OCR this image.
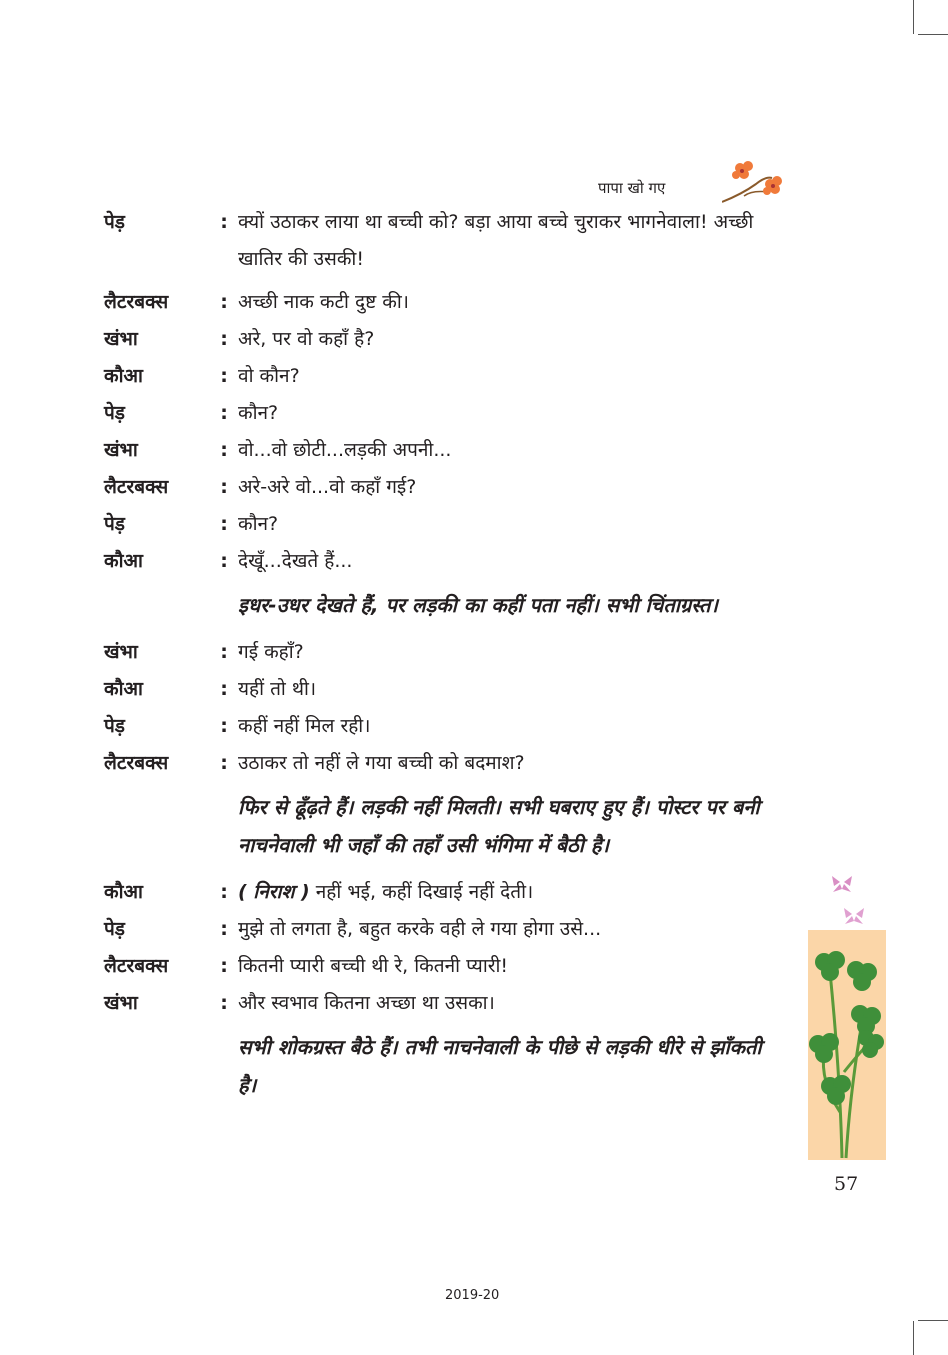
पापा खो गए
पेड़	: क्यों उठाकर लाया था बच्ची को? बड़ा आया बच्चे चुराकर भागनेवाला! अच्छी खातिर की उसकी!
लैटरबक्स	: अच्छी नाक कटी दुष्ट की।
खंभा	: अरे, पर वो कहाँ है?
कौआ	: वो कौन?
पेड़	: कौन?
खंभा	: वो...वो छोटी...लड़की अपनी...
लैटरबक्स	: अरे-अरे वो...वो कहाँ गई?
पेड़	: कौन?
कौआ	: देखूँ...देखते हैं...
इधर-उधर देखते हैं, पर लड़की का कहीं पता नहीं। सभी चिंताग्रस्त।
खंभा	: गई कहाँ?
कौआ	: यहीं तो थी।
पेड़	: कहीं नहीं मिल रही।
लैटरबक्स	: उठाकर तो नहीं ले गया बच्ची को बदमाश?
फिर से ढूँढ़ते हैं। लड़की नहीं मिलती। सभी घबराए हुए हैं। पोस्टर पर बनी नाचनेवाली भी जहाँ की तहाँ उसी भंगिमा में बैठी है।
कौआ	: ( निराश ) नहीं भई, कहीं दिखाई नहीं देती।
पेड़	: मुझे तो लगता है, बहुत करके वही ले गया होगा उसे...
लैटरबक्स	: कितनी प्यारी बच्ची थी रे, कितनी प्यारी!
खंभा	: और स्वभाव कितना अच्छा था उसका।
सभी शोकग्रस्त बैठे हैं। तभी नाचनेवाली के पीछे से लड़की धीरे से झाँकती है।
57
2019-20
